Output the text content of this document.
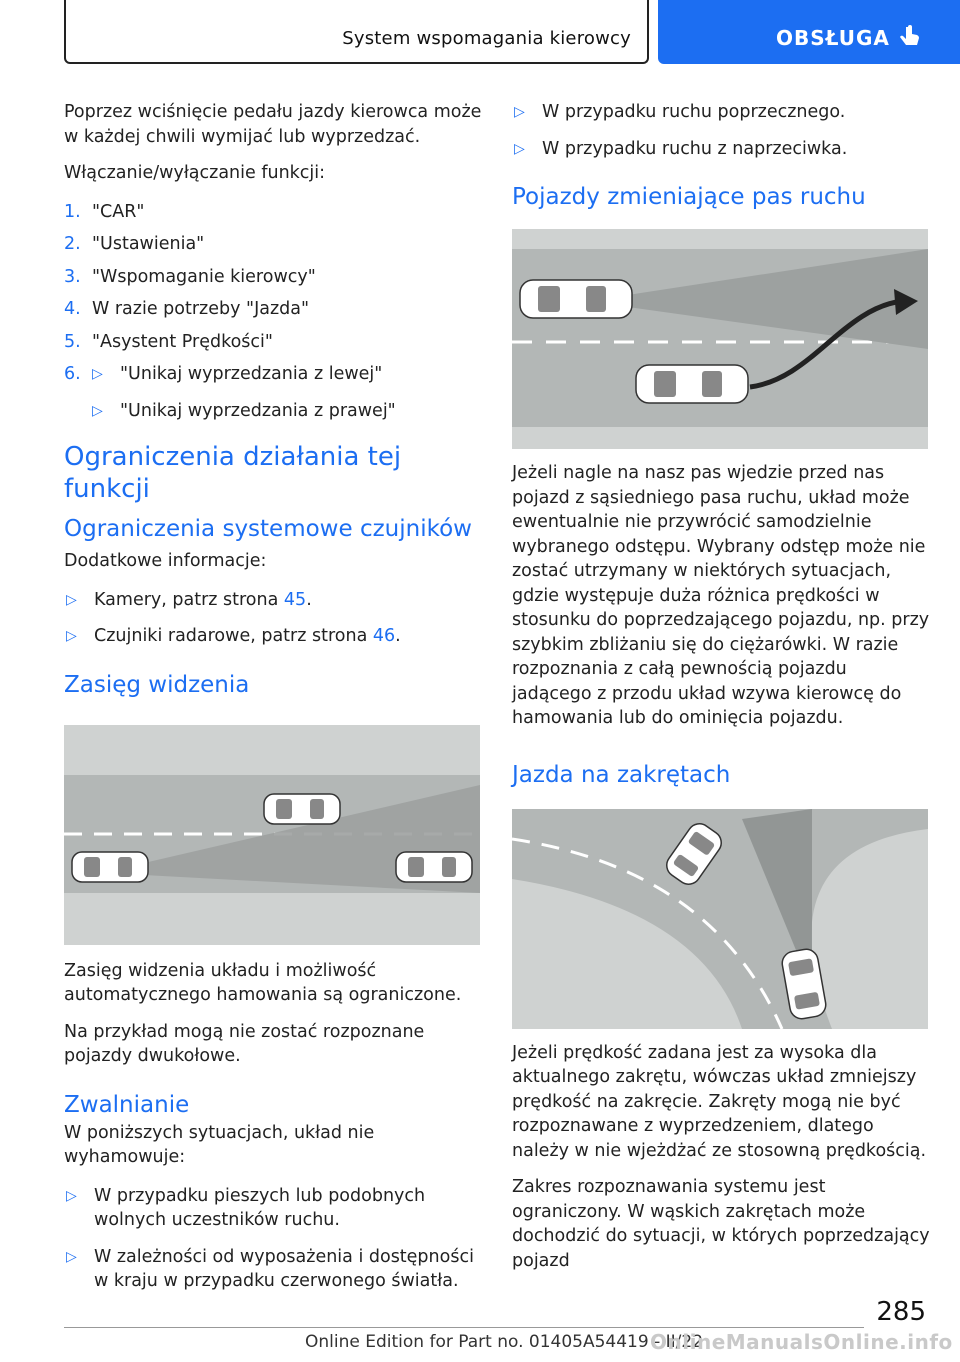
System wspomagania kierowcy	OBSŁUGA

Poprzez wciśnięcie pedału jazdy kierowca może w każdej chwili wymijać lub wyprzedzać.

Włączanie/wyłączanie funkcji:

1. "CAR"
2. "Ustawienia"
3. "Wspomaganie kierowcy"
4. W razie potrzeby "Jazda"
5. "Asystent Prędkości"
6. ▷ "Unikaj wyprzedzania z lewej"
▷ "Unikaj wyprzedzania z prawej"
Ograniczenia działania tej funkcji
Ograniczenia systemowe czujników

Dodatkowe informacje:

▷ Kamery, patrz strona 45.
▷ Czujniki radarowe, patrz strona 46.
Zasięg widzenia

Zasięg widzenia układu i możliwość automatycznego hamowania są ograniczone.

Na przykład mogą nie zostać rozpoznane pojazdy dwukołowe.

Zwalnianie

W poniższych sytuacjach, układ nie wyhamowuje:

▷ W przypadku pieszych lub podobnych wolnych uczestników ruchu.
▷ W zależności od wyposażenia i dostępności w kraju w przypadku czerwonego światła.
▷ W przypadku ruchu poprzecznego.
▷ W przypadku ruchu z naprzeciwka.
Pojazdy zmieniające pas ruchu

Jeżeli nagle na nasz pas wjedzie przed nas pojazd z sąsiedniego pasa ruchu, układ może ewentualnie nie przywrócić samodzielnie wybranego odstępu. Wybrany odstęp może nie zostać utrzymany w niektórych sytuacjach, gdzie występuje duża różnica prędkości w stosunku do poprzedzającego pojazdu, np. przy szybkim zbliżaniu się do ciężarówki. W razie rozpoznania z całą pewnością pojazdu jadącego z przodu układ wzywa kierowcę do hamowania lub do ominięcia pojazdu.

Jazda na zakrętach

Jeżeli prędkość zadana jest za wysoka dla aktualnego zakrętu, wówczas układ zmniejszy prędkość na zakręcie. Zakręty mogą nie być rozpoznawane z wyprzedzeniem, dlatego należy w nie wjeżdżać ze stosowną prędkością.

Zakres rozpoznawania systemu jest ograniczony. W wąskich zakrętach może dochodzić do sytuacji, w których poprzedzający pojazd

285
Online Edition for Part no. 01405A54419 - II/22
OnlineManualsOnline.info
